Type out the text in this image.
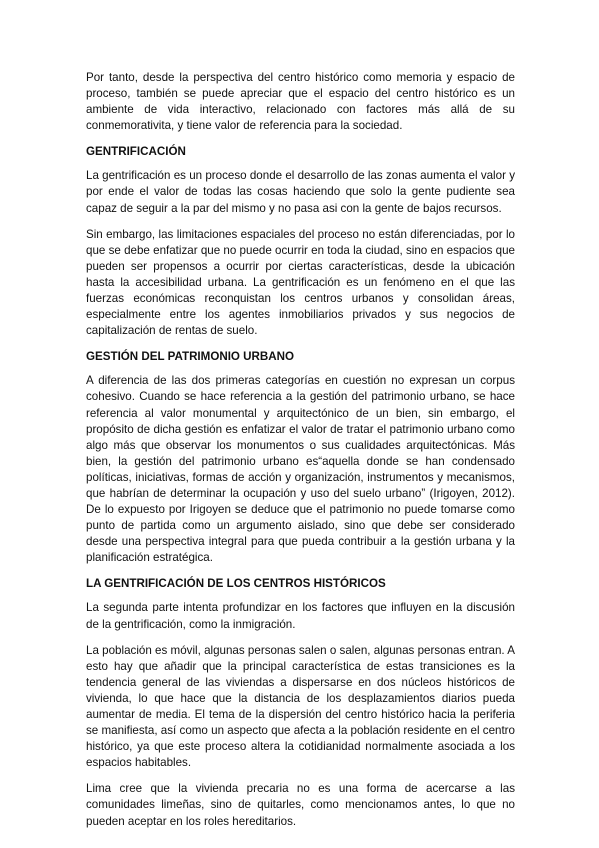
Por tanto, desde la perspectiva del centro histórico como memoria y espacio de proceso, también se puede apreciar que el espacio del centro histórico es un ambiente de vida interactivo, relacionado con factores más allá de su conmemorativita, y tiene valor de referencia para la sociedad.

GENTRIFICACIÓN

La gentrificación es un proceso donde el desarrollo de las zonas aumenta el valor y por ende el valor de todas las cosas haciendo que solo la gente pudiente sea capaz de seguir a la par del mismo y no pasa asi con la gente de bajos recursos.

Sin embargo, las limitaciones espaciales del proceso no están diferenciadas, por lo que se debe enfatizar que no puede ocurrir en toda la ciudad, sino en espacios que pueden ser propensos a ocurrir por ciertas características, desde la ubicación hasta la accesibilidad urbana. La gentrificación es un fenómeno en el que las fuerzas económicas reconquistan los centros urbanos y consolidan áreas, especialmente entre los agentes inmobiliarios privados y sus negocios de capitalización de rentas de suelo.

GESTIÓN DEL PATRIMONIO URBANO

A diferencia de las dos primeras categorías en cuestión no expresan un corpus cohesivo. Cuando se hace referencia a la gestión del patrimonio urbano, se hace referencia al valor monumental y arquitectónico de un bien, sin embargo, el propósito de dicha gestión es enfatizar el valor de tratar el patrimonio urbano como algo más que observar los monumentos o sus cualidades arquitectónicas. Más bien, la gestión del patrimonio urbano es“aquella donde se han condensado políticas, iniciativas, formas de acción y organización, instrumentos y mecanismos, que habrían de determinar la ocupación y uso del suelo urbano” (Irigoyen, 2012). De lo expuesto por Irigoyen se deduce que el patrimonio no puede tomarse como punto de partida como un argumento aislado, sino que debe ser considerado desde una perspectiva integral para que pueda contribuir a la gestión urbana y la planificación estratégica.

LA GENTRIFICACIÓN DE LOS CENTROS HISTÓRICOS

La segunda parte intenta profundizar en los factores que influyen en la discusión de la gentrificación, como la inmigración.

La población es móvil, algunas personas salen o salen, algunas personas entran. A esto hay que añadir que la principal característica de estas transiciones es la tendencia general de las viviendas a dispersarse en dos núcleos históricos de vivienda, lo que hace que la distancia de los desplazamientos diarios pueda aumentar de media. El tema de la dispersión del centro histórico hacia la periferia se manifiesta, así como un aspecto que afecta a la población residente en el centro histórico, ya que este proceso altera la cotidianidad normalmente asociada a los espacios habitables.

Lima cree que la vivienda precaria no es una forma de acercarse a las comunidades limeñas, sino de quitarles, como mencionamos antes, lo que no pueden aceptar en los roles hereditarios.
